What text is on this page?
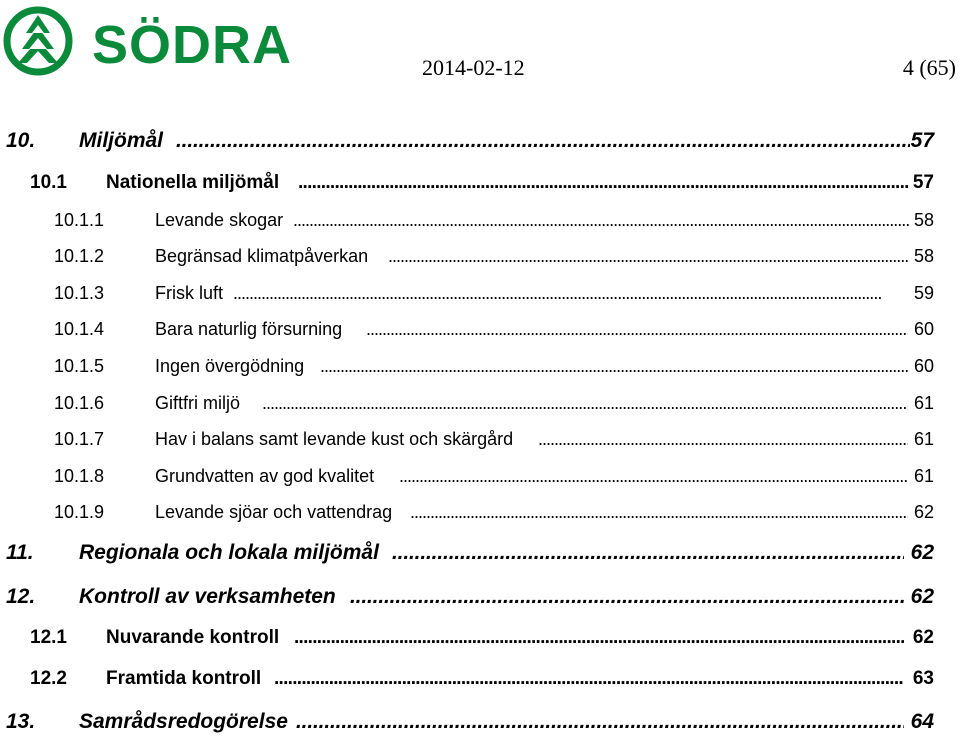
SÖDRA	2014-02-12	4 (65)
10. Miljömål . . .	57
10.1 Nationella miljömål . . .	57
10.1.1	Levande skogar . . .	58
10.1.2	Begränsad klimatpåverkan . . .	58
10.1.3	Frisk luft . . .	59
10.1.4	Bara naturlig försurning . . .	60
10.1.5	Ingen övergödning . . .	60
10.1.6	Giftfri miljö . . .	61
10.1.7	Hav i balans samt levande kust och skärgård . . .	61
10.1.8	Grundvatten av god kvalitet . . .	61
10.1.9	Levande sjöar och vattendrag . . .	62
11. Regionala och lokala miljömål . . .	62
12. Kontroll av verksamheten . . .	62
12.1 Nuvarande kontroll . . .	62
12.2 Framtida kontroll . . .	63
13. Samrådsredogörelse . . .	64
